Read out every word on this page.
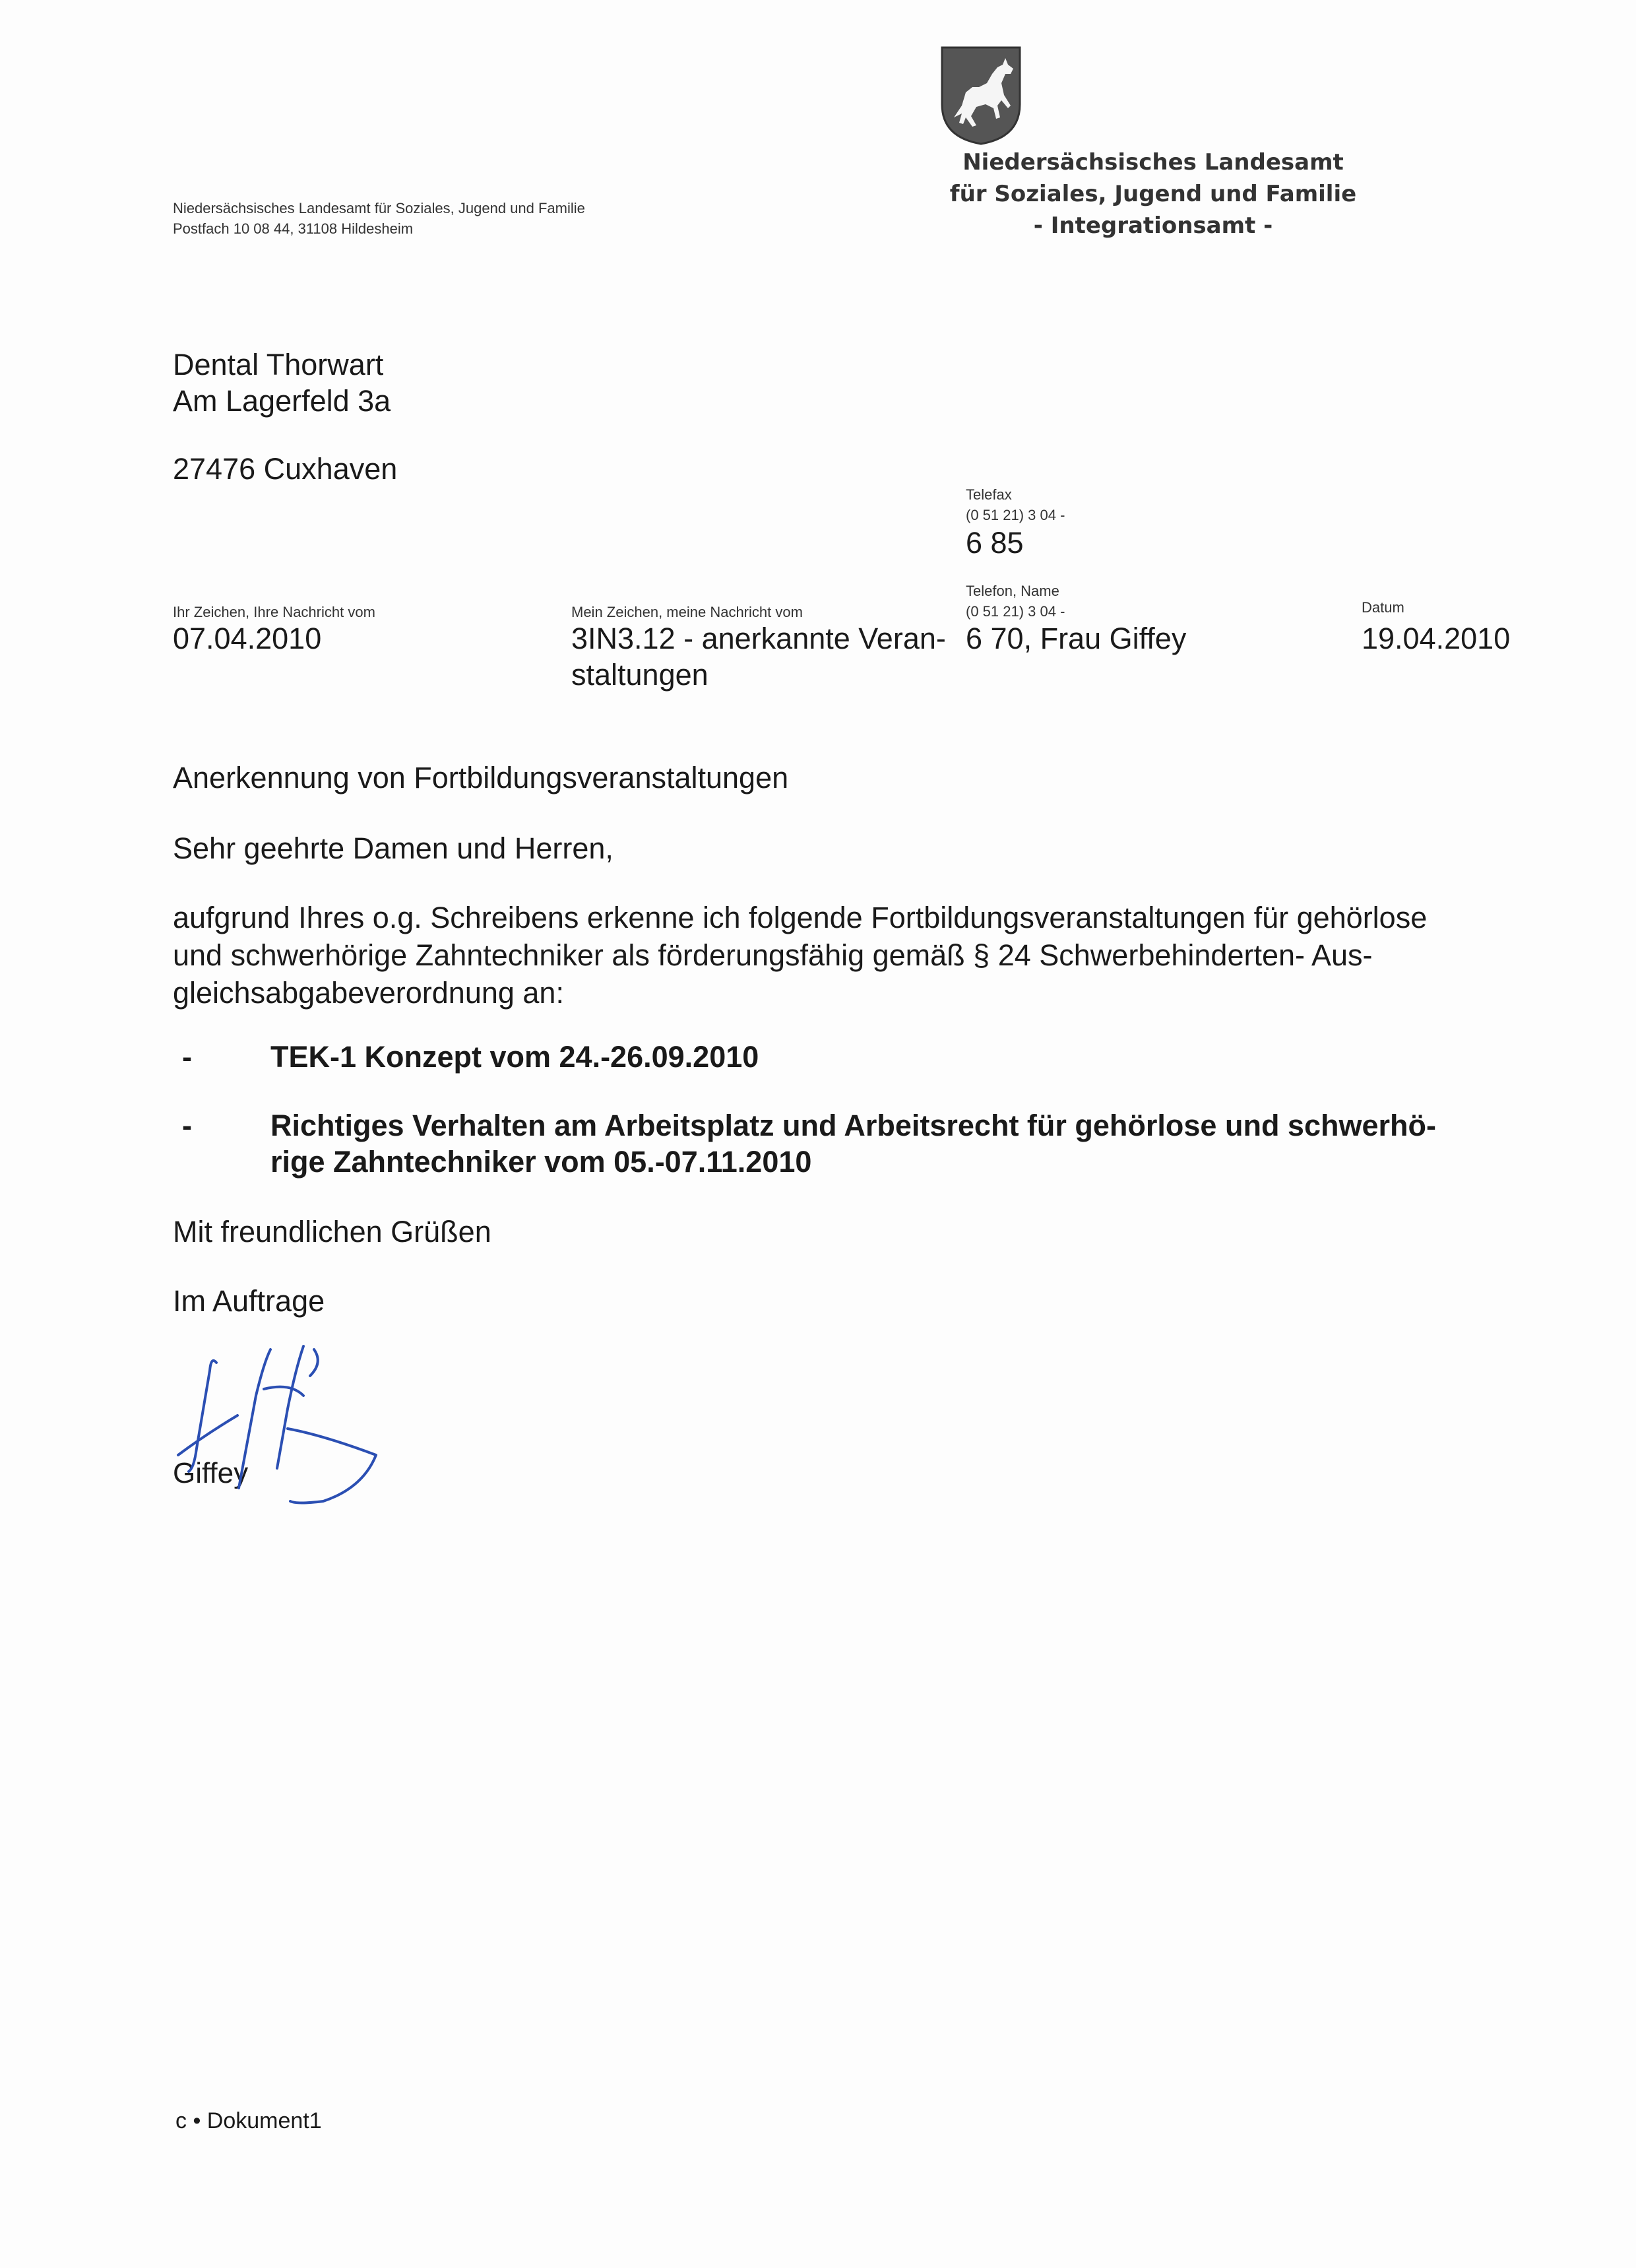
Niedersächsisches Landesamt für Soziales, Jugend und Familie
Postfach 10 08 44, 31108 Hildesheim
Niedersächsisches Landesamt
für Soziales, Jugend und Familie
- Integrationsamt -
Dental Thorwart
Am Lagerfeld 3a
27476 Cuxhaven
Telefax
(0 51 21) 3 04 -
6 85
Ihr Zeichen, Ihre Nachricht vom
07.04.2010
Mein Zeichen, meine Nachricht vom
3IN3.12 - anerkannte Veran-
staltungen
Telefon, Name
(0 51 21) 3 04 -
6 70, Frau Giffey
Datum
19.04.2010
Anerkennung von Fortbildungsveranstaltungen
Sehr geehrte Damen und Herren,
aufgrund Ihres o.g. Schreibens erkenne ich folgende Fortbildungsveranstaltungen für gehörlose
und schwerhörige Zahntechniker als förderungsfähig gemäß § 24 Schwerbehinderten- Aus-
gleichsabgabeverordnung an:
-	TEK-1 Konzept vom 24.-26.09.2010
-	Richtiges Verhalten am Arbeitsplatz und Arbeitsrecht für gehörlose und schwerhö-
rige Zahntechniker vom 05.-07.11.2010
Mit freundlichen Grüßen
Im Auftrage
Giffey
c • Dokument1
